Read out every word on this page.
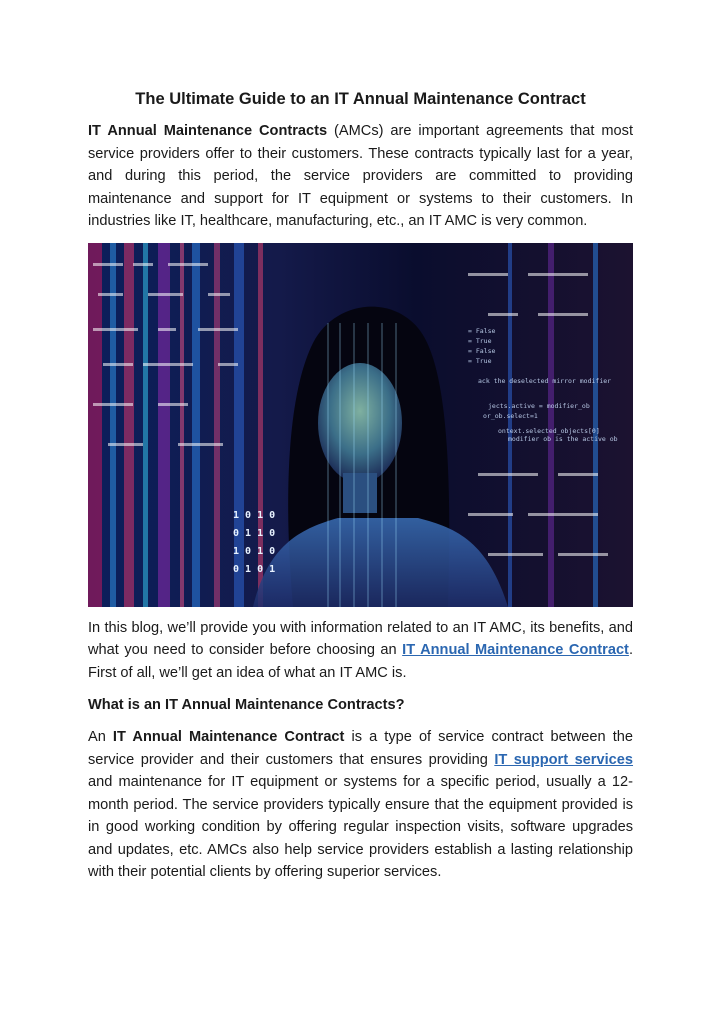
The Ultimate Guide to an IT Annual Maintenance Contract

IT Annual Maintenance Contracts (AMCs) are important agreements that most service providers offer to their customers. These contracts typically last for a year, and during this period, the service providers are committed to providing maintenance and support for IT equipment or systems to their customers. In industries like IT, healthcare, manufacturing, etc., an IT AMC is very common.

ack the deselected mirror modifier
jects.active = modifier_ob
or_ob.select=1
ontext.selected_objects[0]
modifier ob is the active ob
= False
= True
= False
= True
1 0 1 0
0 1 1 0
1 0 1 0
0 1 0 1

In this blog, we’ll provide you with information related to an IT AMC, its benefits, and what you need to consider before choosing an IT Annual Maintenance Contract. First of all, we’ll get an idea of what an IT AMC is.

What is an IT Annual Maintenance Contracts?

An IT Annual Maintenance Contract is a type of service contract between the service provider and their customers that ensures providing IT support services and maintenance for IT equipment or systems for a specific period, usually a 12-month period. The service providers typically ensure that the equipment provided is in good working condition by offering regular inspection visits, software upgrades and updates, etc. AMCs also help service providers establish a lasting relationship with their potential clients by offering superior services.
